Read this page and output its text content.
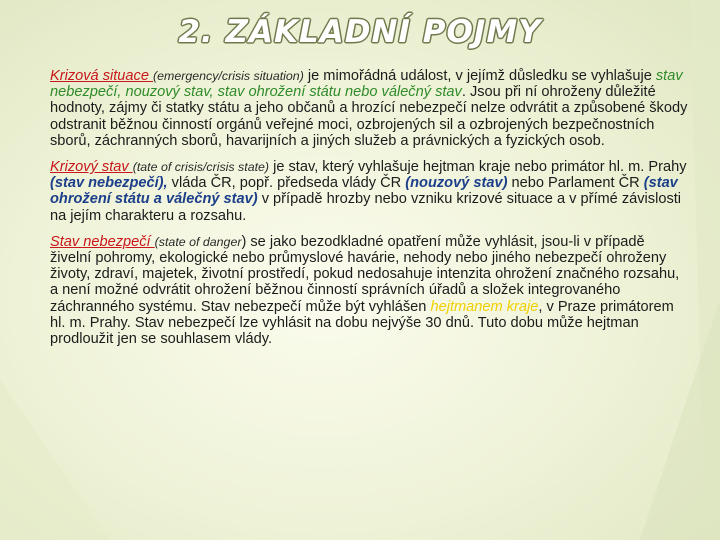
2. ZÁKLADNÍ POJMY

Krizová situace (emergency/crisis situation) je mimořádná událost, v jejímž důsledku se vyhlašuje stav nebezpečí, nouzový stav, stav ohrožení státu nebo válečný stav. Jsou při ní ohroženy důležité hodnoty, zájmy či statky státu a jeho občanů a hrozící nebezpečí nelze odvrátit a způsobené škody odstranit běžnou činností orgánů veřejné moci, ozbrojených sil a ozbrojených bezpečnostních sborů, záchranných sborů, havarijních a jiných služeb a právnických a fyzických osob.

Krizový stav (tate of crisis/crisis state) je stav, který vyhlašuje hejtman kraje nebo primátor hl. m. Prahy (stav nebezpečí), vláda ČR, popř. předseda vlády ČR (nouzový stav) nebo Parlament ČR (stav ohrožení státu a válečný stav) v případě hrozby nebo vzniku krizové situace a v přímé závislosti na jejím charakteru a rozsahu.

Stav nebezpečí (state of danger) se jako bezodkladné opatření může vyhlásit, jsou-li v případě živelní pohromy, ekologické nebo průmyslové havárie, nehody nebo jiného nebezpečí ohroženy životy, zdraví, majetek, životní prostředí, pokud nedosahuje intenzita ohrožení značného rozsahu, a není možné odvrátit ohrožení běžnou činností správních úřadů a složek integrovaného záchranného systému. Stav nebezpečí může být vyhlášen hejtmanem kraje, v Praze primátorem hl. m. Prahy. Stav nebezpečí lze vyhlásit na dobu nejvýše 30 dnů. Tuto dobu může hejtman prodloužit jen se souhlasem vlády.
